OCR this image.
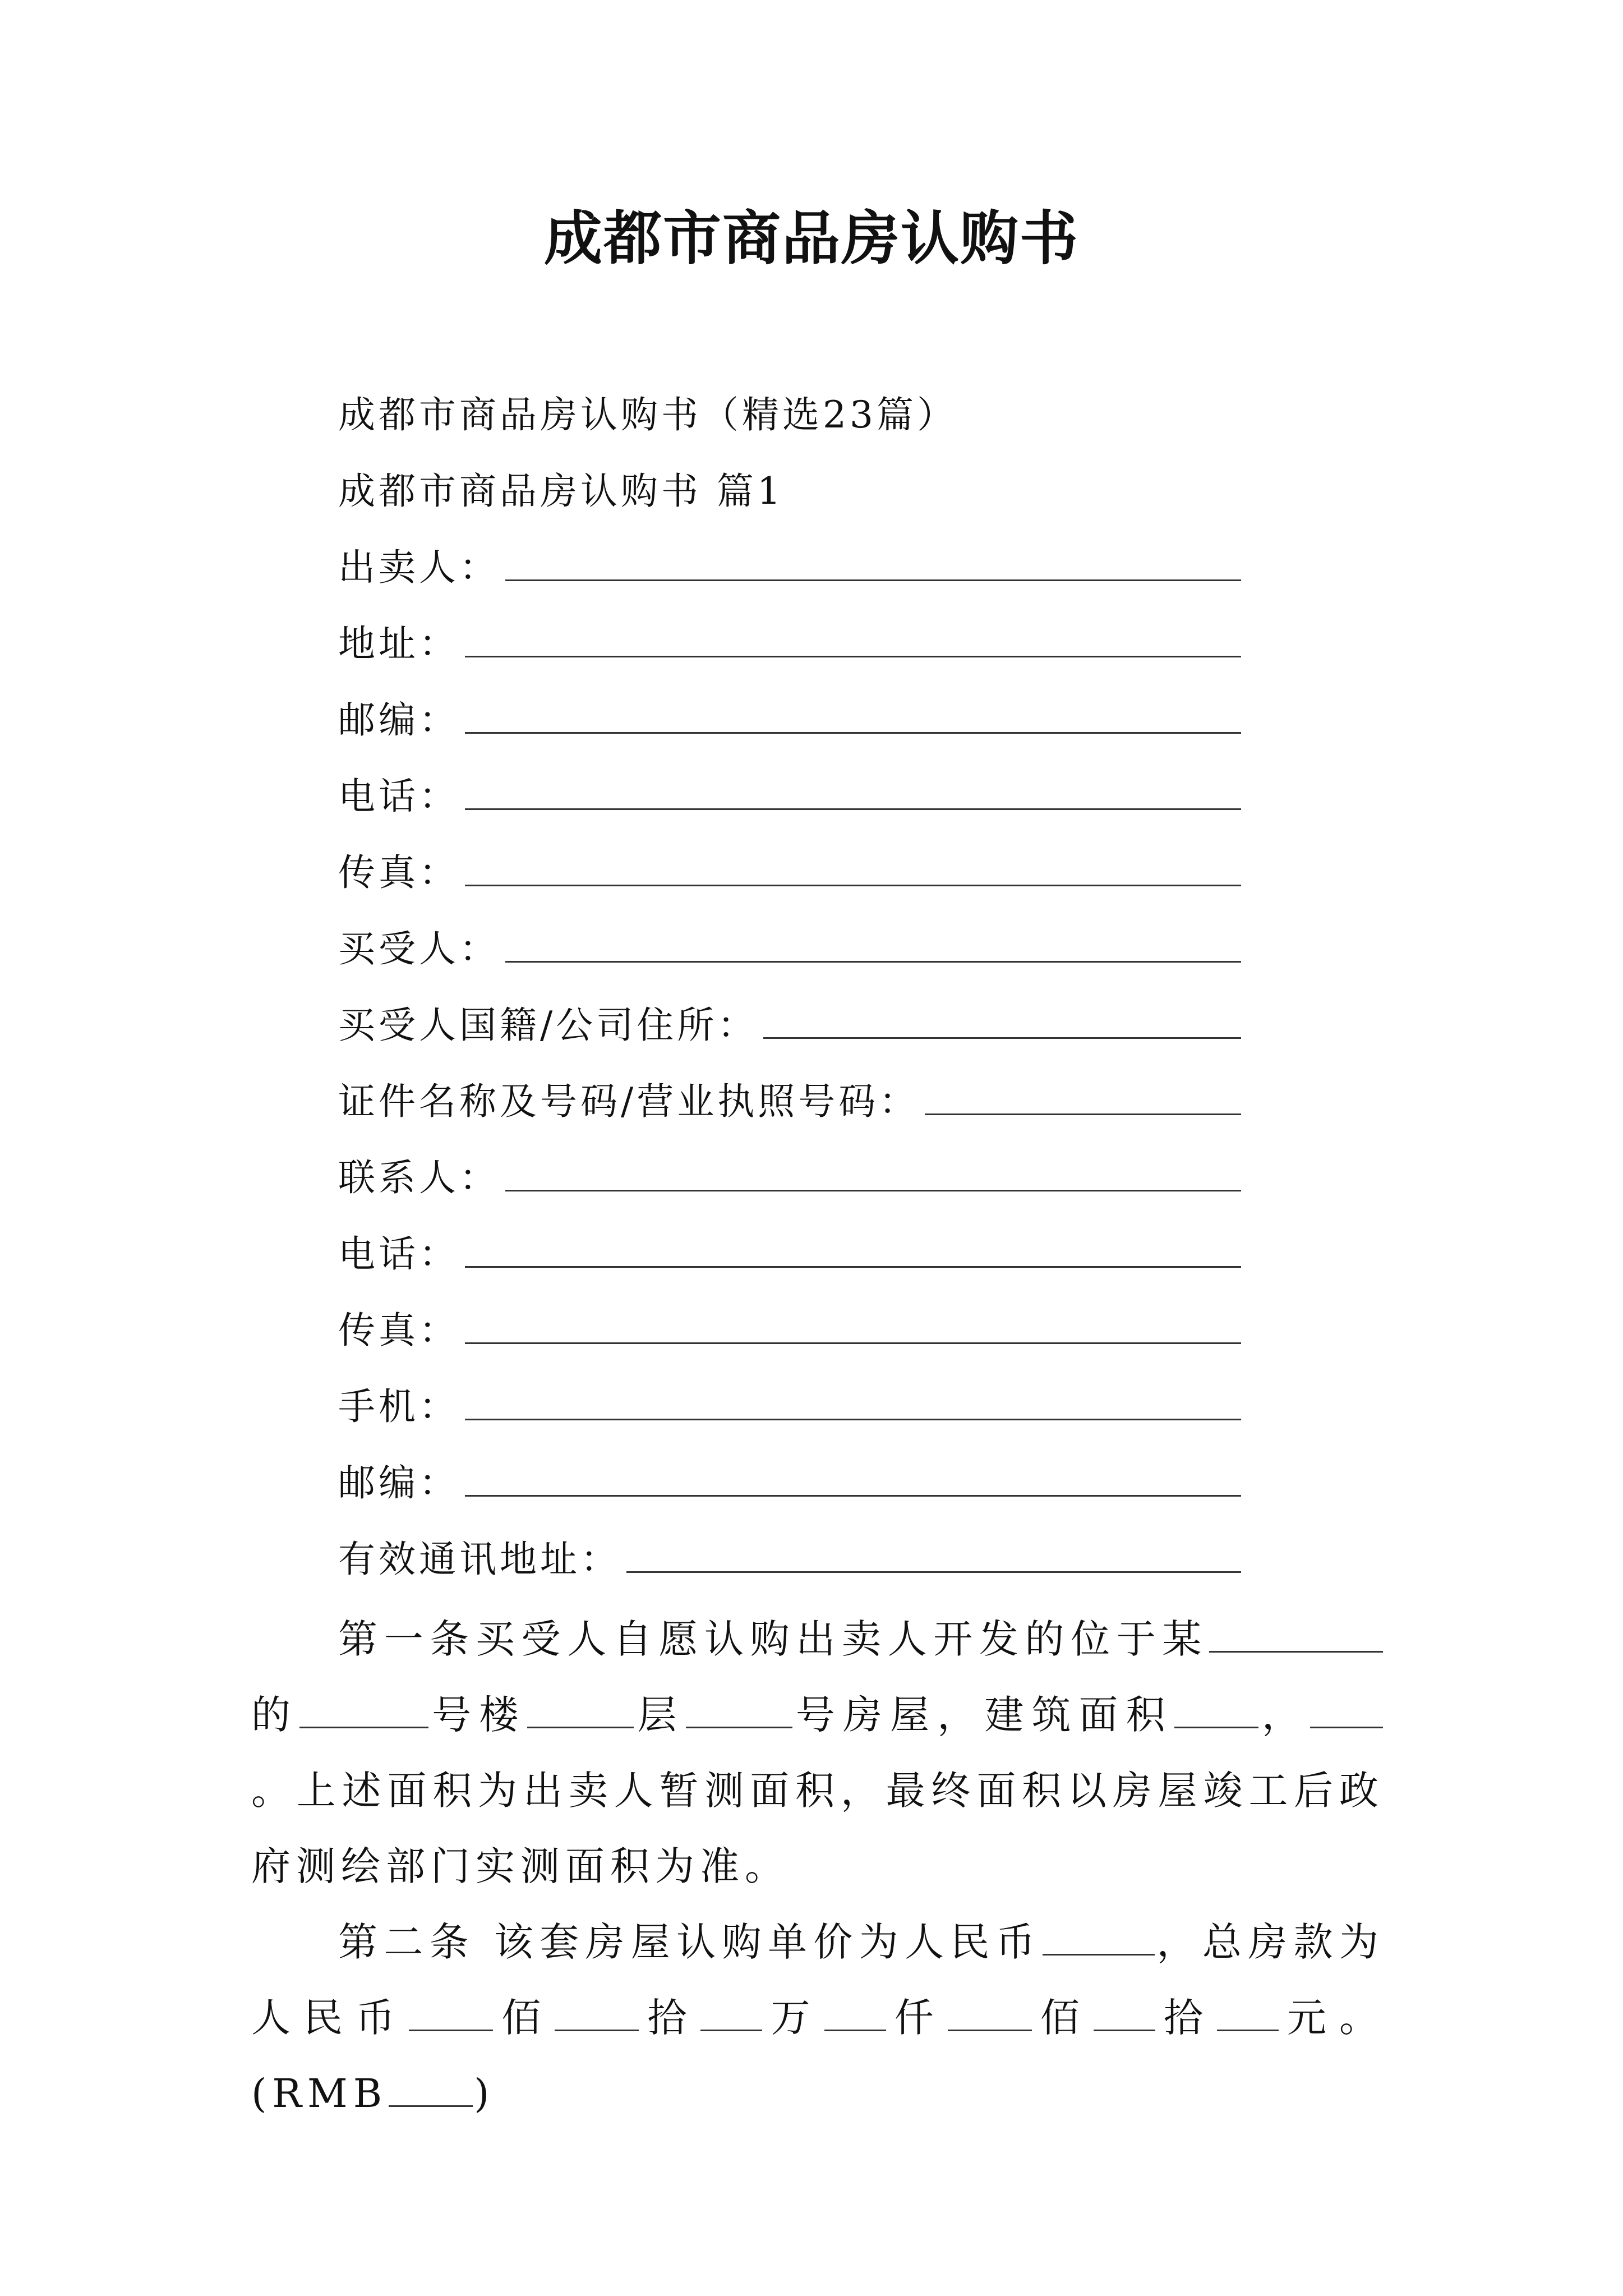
成都市商品房认购书
成都市商品房认购书（精选23篇）
成都市商品房认购书 篇1
出卖人：
地址：
邮编：
电话：
传真：
买受人：
买受人国籍/公司住所：
证件名称及号码/营业执照号码：
联系人：
电话：
传真：
手机：
邮编：
有效通讯地址：
第一条买受人自愿认购出卖人开发的位于某的	号楼	层	号房屋，建筑面积 ，。上述面积为出卖人暂测面积，最终面积以房屋竣工后政府测绘部门实测面积为准。
第二条 该套房屋认购单价为人民币	，总房款为人民币 佰 拾 万 仟 佰 拾 元。(RMB )
